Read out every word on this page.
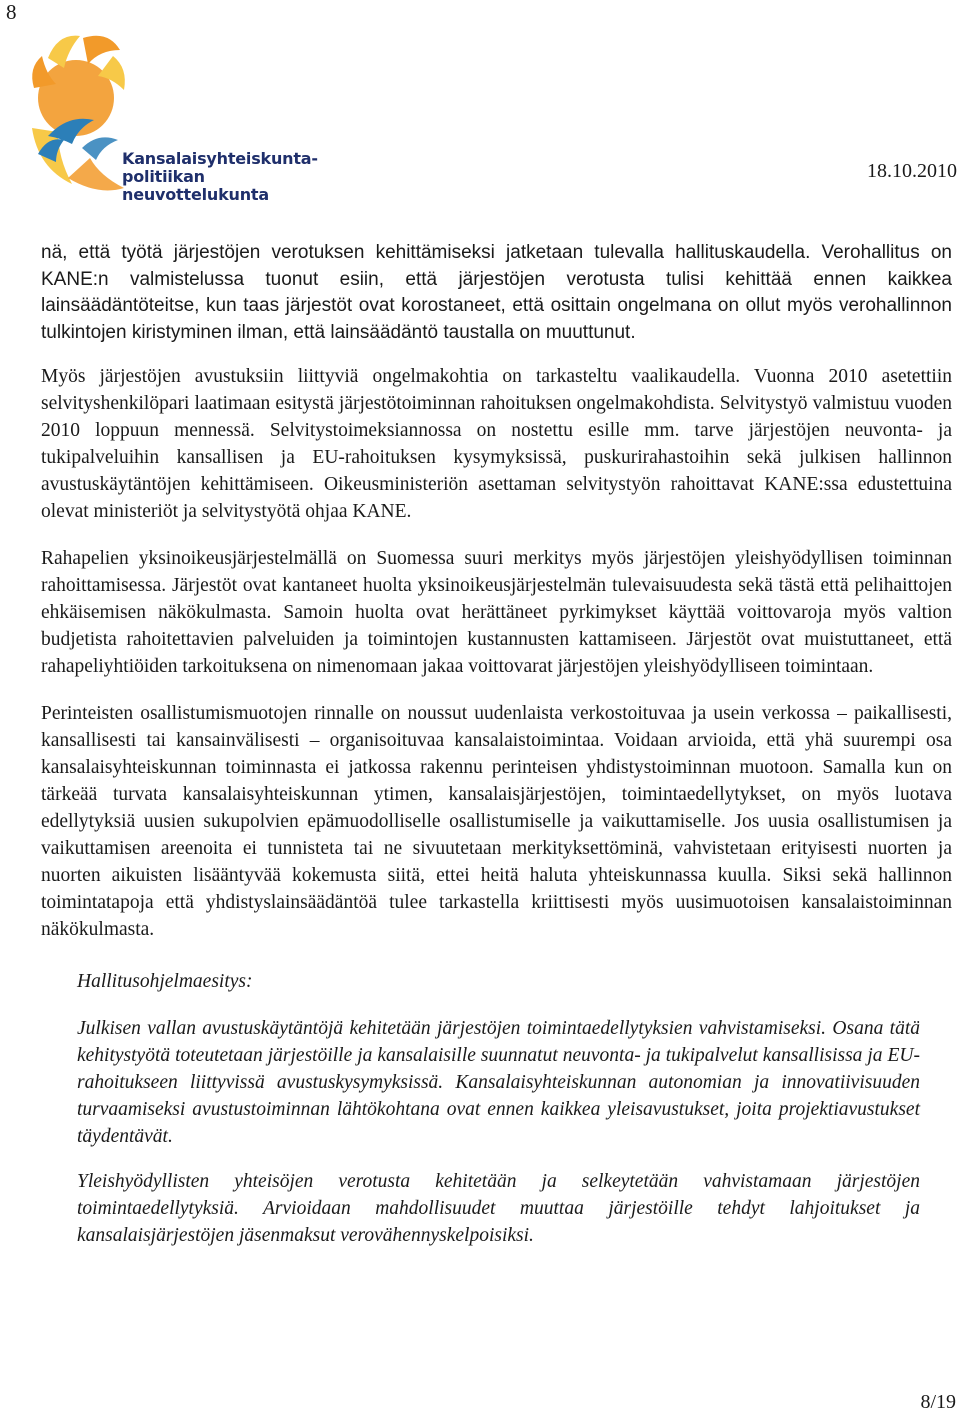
8
Kansalaisyhteiskunta-
politiikan neuvottelukunta
18.10.2010

nä, että työtä järjestöjen verotuksen kehittämiseksi jatketaan tulevalla hallituskaudella. Verohallitus on KANE:n valmistelussa tuonut esiin, että järjestöjen verotusta tulisi kehittää ennen kaikkea lainsäädäntöteitse, kun taas järjestöt ovat korostaneet, että osittain ongelmana on ollut myös verohallinnon tulkintojen kiristyminen ilman, että lainsäädäntö taustalla on muuttunut.

Myös järjestöjen avustuksiin liittyviä ongelmakohtia on tarkasteltu vaalikaudella. Vuonna 2010 asetettiin selvityshenkilöpari laatimaan esitystä järjestötoiminnan rahoituksen ongelmakohdista. Selvitystyö valmistuu vuoden 2010 loppuun mennessä. Selvitystoimeksiannossa on nostettu esille mm. tarve järjestöjen neuvonta- ja tukipalveluihin kansallisen ja EU-rahoituksen kysymyksissä, puskurirahastoihin sekä julkisen hallinnon avustuskäytäntöjen kehittämiseen. Oikeusministeriön asettaman selvitystyön rahoittavat KANE:ssa edustettuina olevat ministeriöt ja selvitystyötä ohjaa KANE.

Rahapelien yksinoikeusjärjestelmällä on Suomessa suuri merkitys myös järjestöjen yleishyödyllisen toiminnan rahoittamisessa. Järjestöt ovat kantaneet huolta yksinoikeusjärjestelmän tulevaisuudesta sekä tästä että pelihaittojen ehkäisemisen näkökulmasta. Samoin huolta ovat herättäneet pyrkimykset käyttää voittovaroja myös valtion budjetista rahoitettavien palveluiden ja toimintojen kustannusten kattamiseen. Järjestöt ovat muistuttaneet, että rahapeliyhtiöiden tarkoituksena on nimenomaan jakaa voittovarat järjestöjen yleishyödylliseen toimintaan.

Perinteisten osallistumismuotojen rinnalle on noussut uudenlaista verkostoituvaa ja usein verkossa – paikallisesti, kansallisesti tai kansainvälisesti – organisoituvaa kansalaistoimintaa. Voidaan arvioida, että yhä suurempi osa kansalaisyhteiskunnan toiminnasta ei jatkossa rakennu perinteisen yhdistystoiminnan muotoon. Samalla kun on tärkeää turvata kansalaisyhteiskunnan ytimen, kansalaisjärjestöjen, toimintaedellytykset, on myös luotava edellytyksiä uusien sukupolvien epämuodolliselle osallistumiselle ja vaikuttamiselle. Jos uusia osallistumisen ja vaikuttamisen areenoita ei tunnisteta tai ne sivuutetaan merkityksettöminä, vahvistetaan erityisesti nuorten ja nuorten aikuisten lisääntyvää kokemusta siitä, ettei heitä haluta yhteiskunnassa kuulla. Siksi sekä hallinnon toimintatapoja että yhdistyslainsäädäntöä tulee tarkastella kriittisesti myös uusimuotoisen kansalaistoiminnan näkökulmasta.

Hallitusohjelmaesitys:

Julkisen vallan avustuskäytäntöjä kehitetään järjestöjen toimintaedellytyksien vahvistamiseksi. Osana tätä kehitystyötä toteutetaan järjestöille ja kansalaisille suunnatut neuvonta- ja tukipalvelut kansallisissa ja EU-rahoitukseen liittyvissä avustuskysymyksissä. Kansalaisyhteiskunnan autonomian ja innovatiivisuuden turvaamiseksi avustustoiminnan lähtökohtana ovat ennen kaikkea yleisavustukset, joita projektiavustukset täydentävät.

Yleishyödyllisten yhteisöjen verotusta kehitetään ja selkeytetään vahvistamaan järjestöjen toimintaedellytyksiä. Arvioidaan mahdollisuudet muuttaa järjestöille tehdyt lahjoitukset ja kansalaisjärjestöjen jäsenmaksut verovähennyskelpoisiksi.

8/19
